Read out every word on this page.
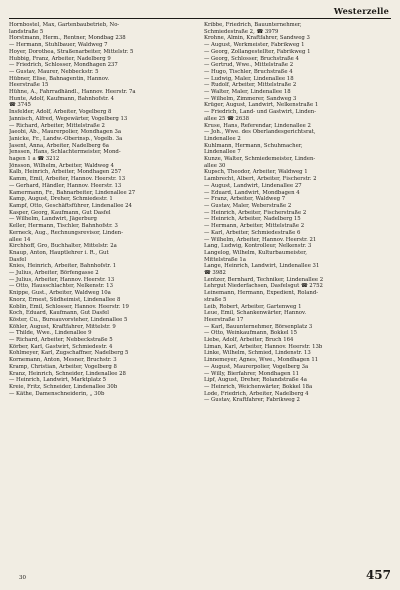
Westerzelle
Hornbostel, Max, Gartenbaubetrieb, No-
landstraße 5
Horstmann, Herm., Rentner, Mondbag 238
— Hermann, Stuhlbauer, Waldweg 7
Hoyer, Dorothea, Straßenarbeiter, Mittelstr. 5
Hubbig, Franz, Arbeiter, Nadelberg 9
— Friedrich, Schlosser, Mondhagen 237
— Gustav, Maurer, Nebbeckstr. 5
Hübner, Elise, Bahnagentin, Hannov.
Heerstraße 15
Hühne, A., Fahrradhändl., Hannov. Heerstr. 7a
Hunte, Adolf, Kaufmann, Bahnhofstr. 4
☎ 3745
Insfelder, Adolf, Arbeiter, Vogelberg 8
Jannisch, Alfred, Wegewärter, Vogelberg 13
— Richard, Arbeiter, Mittelstraße 2
Jaeobi, Ab., Maurerpolier, Mondhagen 3a
Janicke, Fr., Landw.-Oberinsp., Vogelb. 3a
Jasent, Anna, Arbeiter, Nadelberg 6a
Jenssen, Hans, Schlachtermeister, Mond-
hagen 1 a ☎ 3212
Jönsson, Wilhelm, Arbeiter, Waldweg 4
Kalb, Heinrich, Arbeiter, Mondhagen 257
Kamm, Emil, Arbeiter, Hannov. Heerstr. 13
— Gerhard, Händler, Hannov. Heerstr. 13
Kamermann, Fr., Bahnarbeiter, Lindenallee 27
Kamp, August, Dreher, Schmiedestr. 1
Kampf, Otto, Geschäftsführer, Lindenallee 24
Kasper, Georg, Kaufmann, Gut Dasfel
— Wilhelm, Landwirt, Jägerburg
Keller, Hermann, Tischler, Bahnhofstr. 3
Kerneck, Aug., Rechnungsrevisor, Linden-
allee 14
Kirchhoff, Gro, Buchhalter, Mittelstr. 2a
Knaup, Anton, Hauptlehrer i. R., Gut
Dasfel
Knies, Heinrich, Arbeiter, Bahnhofstr. 1
— Julius, Arbeiter, Börfengasse 2
— Julius, Arbeiter, Hannov. Heerstr. 13
— Otto, Hausschlachter, Nelkenstr. 13
Knippe, Gust., Arbeiter, Waldweg 10a
Knorz, Ernest, Südheimist, Lindenallee 8
Koblin, Emil, Schlosser, Hannov. Heerstr. 19
Koch, Eduard, Kaufmann, Gut Dasfel
Köster, Cu., Bureauvorsteher, Lindenallee 5
Köhler, August, Kraftfahrer, Mittelstr. 9
— Thilde, Wwe., Lindenallee 9
— Richard, Arbeiter, Nebbeckstraße 5
Körber, Karl, Gastwirt, Schmiedestr. 4
Kohlmeyer, Karl, Zugschaffner, Nadelberg 5
Kornemann, Anton, Mesner, Bruchstr. 3
Kramp, Christian, Arbeiter, Vogelberg 8
Kranz, Heinrich, Schneider, Lindenallee 28
— Heinrich, Landwirt, Marktplatz 5
Kreie, Fritz, Schneider, Lindenallee 30b
— Käthe, Damenschneiderin, „ 30b
Kribbe, Friedrich, Bauunternehmer,
Schmiedestraße 2, ☎ 3979
Krohne, Almin, Kraftfahrer, Sandweg 3
— August, Werkmeister, Fabrikweg 1
— Georg, Zollangestellter, Fabrikweg 1
— Georg, Schlosser, Bruchstraße 4
— Gertrud, Wwe., Mittelstraße 2
— Hugo, Tischler, Bruchstraße 4
— Ludwig, Maler, Lindenallee 18
— Rudolf, Arbeiter, Mittelstraße 2
— Walter, Maler, Lindenallee 18
— Wilhelm, Zimmerer, Sandweg 3
Krüger, August, Landwirt, Nelkenstraße 1
— Friedrich, Land- und Gastwirt, Linden-
allee 25 ☎ 2638
Kruse, Hans, Referendar, Lindenallee 2
— Joh., Wwe. des Oberlandesgerichtsrat,
Lindenallee 2
Kuhlmann, Hermann, Schuhmacher,
Lindenallee 7
Kunze, Walter, Schmiedemeister, Linden-
allee 30
Kupsch, Theodor, Arbeiter, Waldweg 1
Lambrecht, Albert, Arbeiter, Fischerstr. 2
— August, Landwirt, Lindenallee 27
— Eduard, Landwirt, Mondbagen 4
— Franz, Arbeiter, Waldweg 7
— Gustav, Maler, Weberstraße 2
— Heinrich, Arbeiter, Fischerstraße 2
— Heinrich, Arbeiter, Nadelberg 15
— Hermann, Arbeiter, Mittelstraße 2
— Karl, Arbeiter, Schmiedestraße 6
— Wilhelm, Arbeiter, Hannov. Heerstr. 21
Lang, Ludwig, Kontrolleur, Nelkenstr. 3
Langelog, Wilhelm, Kulturbaumeister,
Mittelstraße 1a
Lange, Heinrich, Landwirt, Lindenallee 31
☎ 3982
Lentzer, Bernhard, Techniker, Lindenallee 2
Lehrgut Niederfachsen, Dasfelsgut ☎ 2752
Leinemann, Hermann, Expedient, Roland-
straße 5
Leib, Robert, Arbeiter, Gartenweg 1
Leue, Emil, Schankenwärter, Hannov.
Heerstraße 17
— Karl, Bauunternehmer, Börsenplatz 3
— Otto, Weinkaufmann, Bokkel 15
Liebe, Adolf, Arbeiter, Bruch 164
Liman, Karl, Arbeiter, Hannov. Heerstr. 13b
Linke, Wilhelm, Schmied, Lindenstr. 13
Linnemeyer, Agnes, Wwe., Mondhagen 11
— August, Maurerpolier, Vogelberg 3a
— Willy, Bierfahrer, Mondhagen 11
Lipf, August, Dreher, Rolandstraße 4a
— Heinrich, Weichenwärter, Bokkel 18a
Lode, Friedrich, Arbeiter, Nadelberg 4
— Gustav, Kraftfahrer, Fabrikweg 2
30	457
